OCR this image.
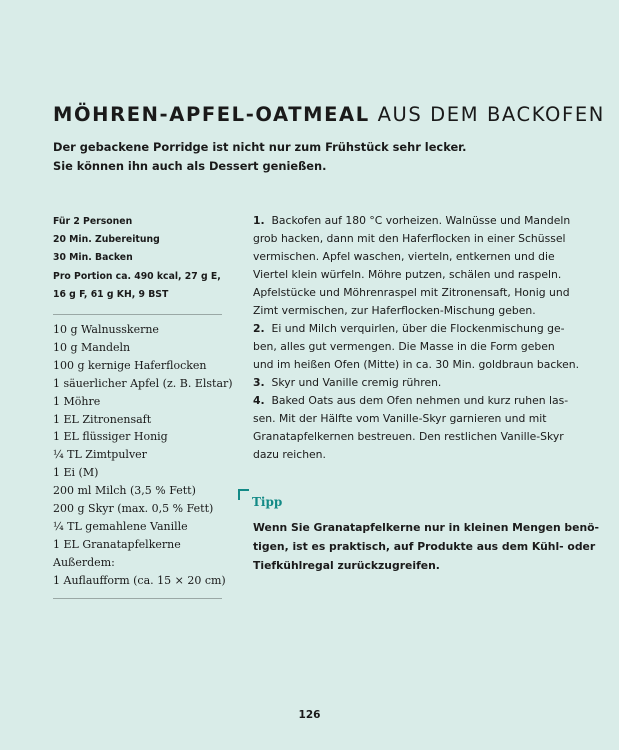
MÖHREN-APFEL-OATMEAL AUS DEM BACKOFEN
Der gebackene Porridge ist nicht nur zum Frühstück sehr lecker.
Sie können ihn auch als Dessert genießen.
Für 2 Personen
20 Min. Zubereitung
30 Min. Backen
Pro Portion ca. 490 kcal, 27 g E,
16 g F, 61 g KH, 9 BST
10 g Walnusskerne
10 g Mandeln
100 g kernige Haferflocken
1 säuerlicher Apfel (z. B. Elstar)
1 Möhre
1 EL Zitronensaft
1 EL flüssiger Honig
¼ TL Zimtpulver
1 Ei (M)
200 ml Milch (3,5 % Fett)
200 g Skyr (max. 0,5 % Fett)
¼ TL gemahlene Vanille
1 EL Granatapfelkerne
Außerdem:
1 Auflaufform (ca. 15 × 20 cm)
1. Backofen auf 180 °C vorheizen. Walnüsse und Mandeln
grob hacken, dann mit den Haferflocken in einer Schüssel
vermischen. Apfel waschen, vierteln, entkernen und die
Viertel klein würfeln. Möhre putzen, schälen und raspeln.
Apfelstücke und Möhrenraspel mit Zitronensaft, Honig und
Zimt vermischen, zur Haferflocken-Mischung geben.
2. Ei und Milch verquirlen, über die Flockenmischung ge-
ben, alles gut vermengen. Die Masse in die Form geben
und im heißen Ofen (Mitte) in ca. 30 Min. goldbraun backen.
3. Skyr und Vanille cremig rühren.
4. Baked Oats aus dem Ofen nehmen und kurz ruhen las-
sen. Mit der Hälfte vom Vanille-Skyr garnieren und mit
Granatapfelkernen bestreuen. Den restlichen Vanille-Skyr
dazu reichen.
Tipp
Wenn Sie Granatapfelkerne nur in kleinen Mengen benö-
tigen, ist es praktisch, auf Produkte aus dem Kühl- oder
Tiefkühlregal zurückzugreifen.
126
